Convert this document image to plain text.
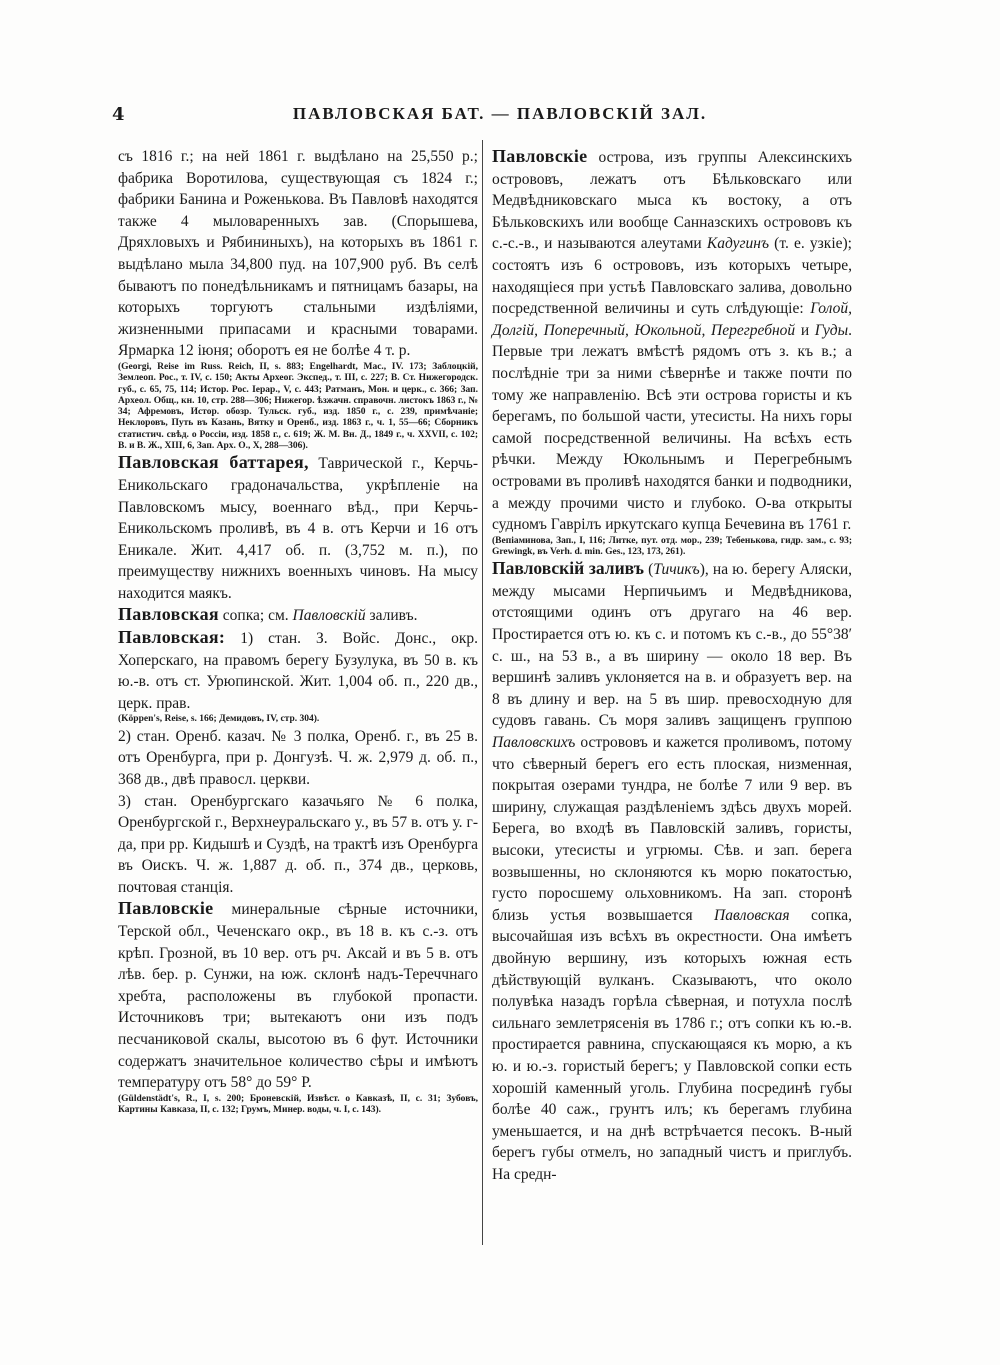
4	ПАВЛОВСКАЯ БАТ. — ПАВЛОВСКІЙ ЗАЛ.

съ 1816 г.; на ней 1861 г. выдѣлано на 25,550 р.; фабрика Воротилова, существующая съ 1824 г.; фабрики Банина и Роженькова. Въ Павловѣ находятся также 4 мыловаренныхъ зав. (Спорышева, Дряхловыхъ и Рябининыхъ), на которыхъ въ 1861 г. выдѣлано мыла 34,800 пуд. на 107,900 руб. Въ селѣ бываютъ по понедѣльникамъ и пятницамъ базары, на которыхъ торгуютъ стальными издѣліями, жизненными припасами и красными товарами. Ярмарка 12 іюня; оборотъ ея не болѣе 4 т. р.

(Georgi, Reise im Russ. Reich, II, s. 883; Engelhardt, Mac., IV. 173; Заблоцкій, Землеоп. Рос., т. IV, с. 150; Акты Археог. Экспед., т. III, с. 227; В. Ст. Нижегородск. губ., с. 65, 75, 114; Истор. Рос. Іерар., V, с. 443; Ратманъ, Мон. и церк., с. 366; Зап. Археол. Общ., кн. 10, стр. 288—306; Нижегор. ѣзжачн. справочн. листокъ 1863 г., № 34; Афремовъ, Истор. обозр. Тульск. губ., изд. 1850 г., с. 239, примѣчаніе; Неклоровъ, Путь въ Казань, Вятку и Оренб., изд. 1863 г., ч. 1, 55—66; Сборникъ статистич. свѣд. о Россіи, изд. 1858 г., с. 619; Ж. М. Вн. Д., 1849 г., ч. XXVII, с. 102; В. и В. Ж., XIII, 6, Зап. Арх. О., X, 288—306).

Павловская баттарея, Таврической г., Керчь-Еникольскаго градоначальства, укрѣпленіе на Павловскомъ мысу, военнаго вѣд., при Керчь-Еникольскомъ проливѣ, въ 4 в. отъ Керчи и 16 отъ Еникале. Жит. 4,417 об. п. (3,752 м. п.), по преимуществу нижнихъ военныхъ чиновъ. На мысу находится маякъ.

Павловская сопка; см. Павловскій заливъ.

Павловская: 1) стан. З. Войс. Донс., окр. Хоперскаго, на правомъ берегу Бузулука, въ 50 в. къ ю.-в. отъ ст. Урюпинской. Жит. 1,004 об. п., 220 дв., церк. прав.

(Köppen's, Reise, s. 166; Демидовъ, IV, стр. 304).

2) стан. Оренб. казач. № 3 полка, Оренб. г., въ 25 в. отъ Оренбурга, при р. Донгузѣ. Ч. ж. 2,979 д. об. п., 368 дв., двѣ правосл. церкви.

3) стан. Оренбургскаго казачьяго № 6 полка, Оренбургской г., Верхнеуральскаго у., въ 57 в. отъ у. г-да, при рр. Кидышѣ и Суздѣ, на трактѣ изъ Оренбурга въ Оискъ. Ч. ж. 1,887 д. об. п., 374 дв., церковь, почтовая станція.

Павловскіе минеральные сѣрные источники, Терской обл., Чеченскаго окр., въ 18 в. къ с.-з. отъ крѣп. Грозной, въ 10 вер. отъ рч. Аксай и въ 5 в. отъ лѣв. бер. р. Сунжи, на юж. склонѣ надъ-Тереччнаго хребта, расположены въ глубокой пропасти. Источниковъ три; вытекаютъ они изъ подъ песчаниковой скалы, высотою въ 6 фут. Источники содержатъ значительное количество сѣры и имѣютъ температуру отъ 58° до 59° Р.

(Güldenstädt's, R., I, s. 200; Броневскій, Извѣст. о Кавказѣ, II, с. 31; Зубовъ, Картины Кавказа, II, с. 132; Грумъ, Минер. воды, ч. I, с. 143).

Павловскіе острова, изъ группы Алексинскихъ острововъ, лежатъ отъ Бѣльковскаго или Медвѣдниковскаго мыса къ востоку, а отъ Бѣльковскихъ или вообще Санназскихъ острововъ къ с.-с.-в., и называются алеутами Кадугинъ (т. е. узкіе); состоятъ изъ 6 острововъ, изъ которыхъ четыре, находящіеся при устьѣ Павловскаго залива, довольно посредственной величины и суть слѣдующіе: Голой, Долгій, Поперечный, Юкольной, Перегребной и Гуды. Первые три лежатъ вмѣстѣ рядомъ отъ з. къ в.; а послѣдніе три за ними сѣвернѣе и также почти по тому же направленію. Всѣ эти острова гористы и къ берегамъ, по большой части, утесисты. На нихъ горы самой посредственной величины. На всѣхъ есть рѣчки. Между Юкольнымъ и Перегребнымъ островами въ проливѣ находятся банки и подводники, а между прочими чисто и глубоко. О-ва открыты судномъ Гаврілъ иркутскаго купца Бечевина въ 1761 г.

(Вепіаминова, Зап., I, 116; Литке, пут. отд. мор., 239; Тебенькова, гидр. зам., с. 93; Grewingk, въ Verh. d. min. Ges., 123, 173, 261).

Павловскій заливъ (Тичикъ), на ю. берегу Аляски, между мысами Нерпичьимъ и Медвѣдникова, отстоящими одинъ отъ другаго на 46 вер. Простирается отъ ю. къ с. и потомъ къ с.-в., до 55°38′ с. ш., на 53 в., а въ ширину — около 18 вер. Въ вершинѣ заливъ уклоняется на в. и образуетъ вер. на 8 въ длину и вер. на 5 въ шир. превосходную для судовъ гавань. Съ моря заливъ защищенъ группою Павловскихъ острововъ и кажется проливомъ, потому что сѣверный берегъ его есть плоская, низменная, покрытая озерами тундра, не болѣе 7 или 9 вер. въ ширину, служащая раздѣленіемъ здѣсь двухъ морей. Берега, во входѣ въ Павловскій заливъ, гористы, высоки, утесисты и угрюмы. Сѣв. и зап. берега возвышенны, но склоняются къ морю покатостью, густо поросшему ольховникомъ. На зап. сторонѣ близь устья возвышается Павловская сопка, высочайшая изъ всѣхъ въ окрестности. Она имѣетъ двойную вершину, изъ которыхъ южная есть дѣйствующій вулканъ. Сказываютъ, что около полувѣка назадъ горѣла сѣверная, и потухла послѣ сильнаго землетрясенія въ 1786 г.; отъ сопки къ ю.-в. простирается равнина, спускающаяся къ морю, а къ ю. и ю.-з. гористый берегъ; у Павловской сопки есть хорошій каменный уголь. Глубина посрединѣ губы болѣе 40 саж., грунтъ илъ; къ берегамъ глубина уменьшается, и на днѣ встрѣчается песокъ. В-ный берегъ губы отмелъ, но западный чистъ и приглубъ. На средн-
